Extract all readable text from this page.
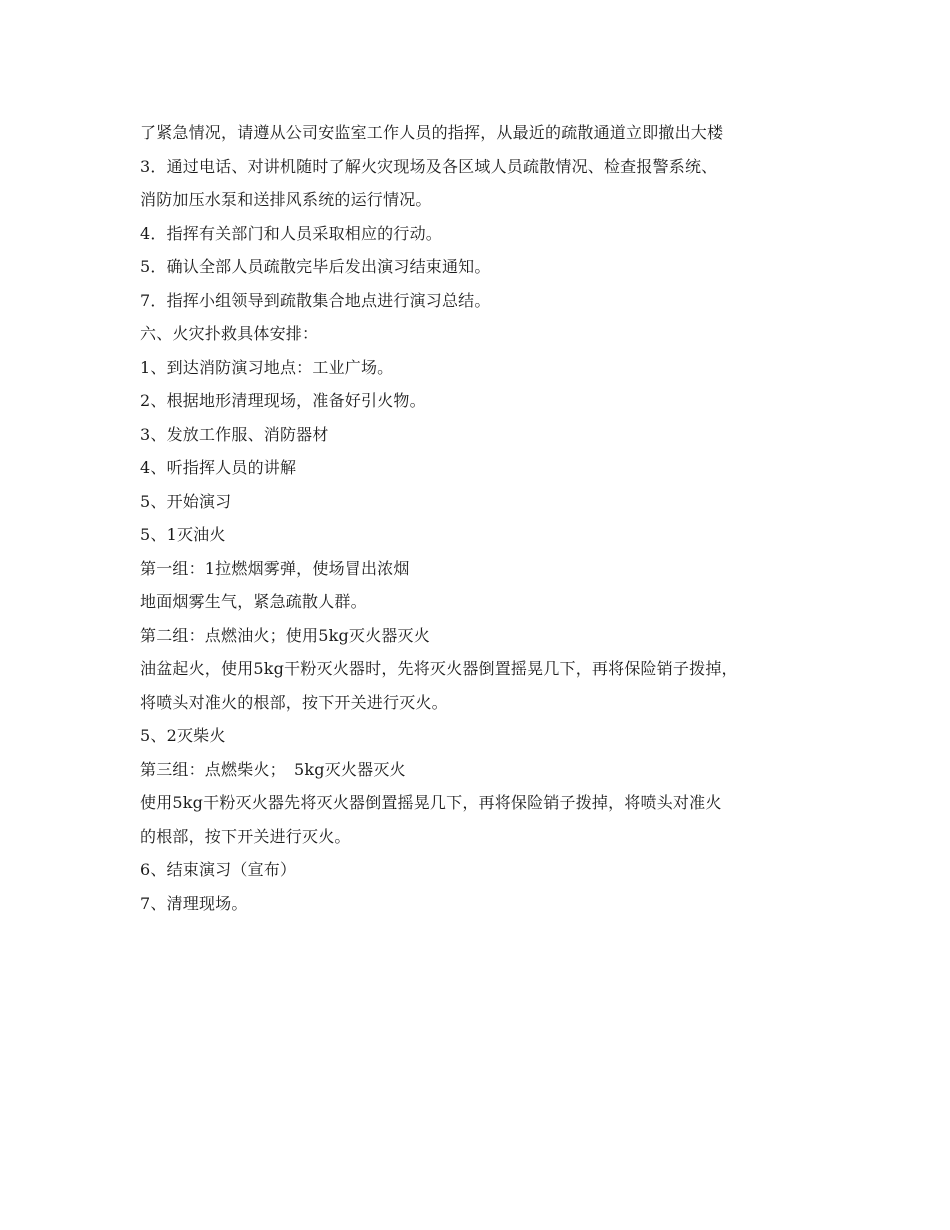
了紧急情况，请遵从公司安监室工作人员的指挥，从最近的疏散通道立即撤出大楼
3．通过电话、对讲机随时了解火灾现场及各区域人员疏散情况、检查报警系统、
消防加压水泵和送排风系统的运行情况。
4．指挥有关部门和人员采取相应的行动。
5．确认全部人员疏散完毕后发出演习结束通知。
7．指挥小组领导到疏散集合地点进行演习总结。
六、火灾扑救具体安排：
1、到达消防演习地点：工业广场。
2、根据地形清理现场，准备好引火物。
3、发放工作服、消防器材
4、听指挥人员的讲解
5、开始演习
5、1灭油火
第一组：1拉燃烟雾弹，使场冒出浓烟
地面烟雾生气，紧急疏散人群。
第二组：点燃油火；使用5kg灭火器灭火
油盆起火，使用5kg干粉灭火器时，先将灭火器倒置摇晃几下，再将保险销子拨掉，
将喷头对准火的根部，按下开关进行灭火。
5、2灭柴火
第三组：点燃柴火；　5kg灭火器灭火
使用5kg干粉灭火器先将灭火器倒置摇晃几下，再将保险销子拨掉，将喷头对准火
的根部，按下开关进行灭火。
6、结束演习（宣布）
7、清理现场。
